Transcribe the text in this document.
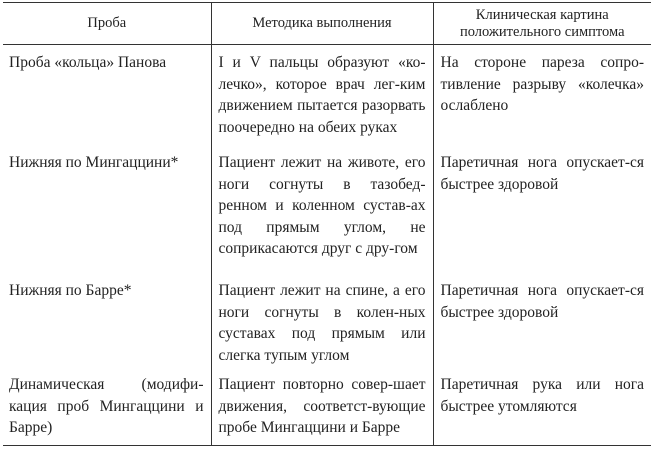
Проба	Методика выполнения	Клиническая картина положительного симптома
Проба «кольца» Панова	I и V пальцы образуют «ко-лечко», которое врач лег-ким движением пытается разорвать поочередно на обеих руках	На стороне пареза сопро-тивление разрыву «колечка» ослаблено
Нижняя по Мингаццини*	Пациент лежит на животе, его ноги согнуты в тазобед-ренном и коленном сустав-ах под прямым углом, не соприкасаются друг с дру-гом	Паретичная нога опускает-ся быстрее здоровой
Нижняя по Барре*	Пациент лежит на спине, а его ноги согнуты в колен-ных суставах под прямым или слегка тупым углом	Паретичная нога опускает-ся быстрее здоровой
Динамическая (модифи-кация проб Мингаццини и Барре)	Пациент повторно совер-шает движения, соответст-вующие пробе Мингаццини и Барре	Паретичная рука или нога быстрее утомляются
